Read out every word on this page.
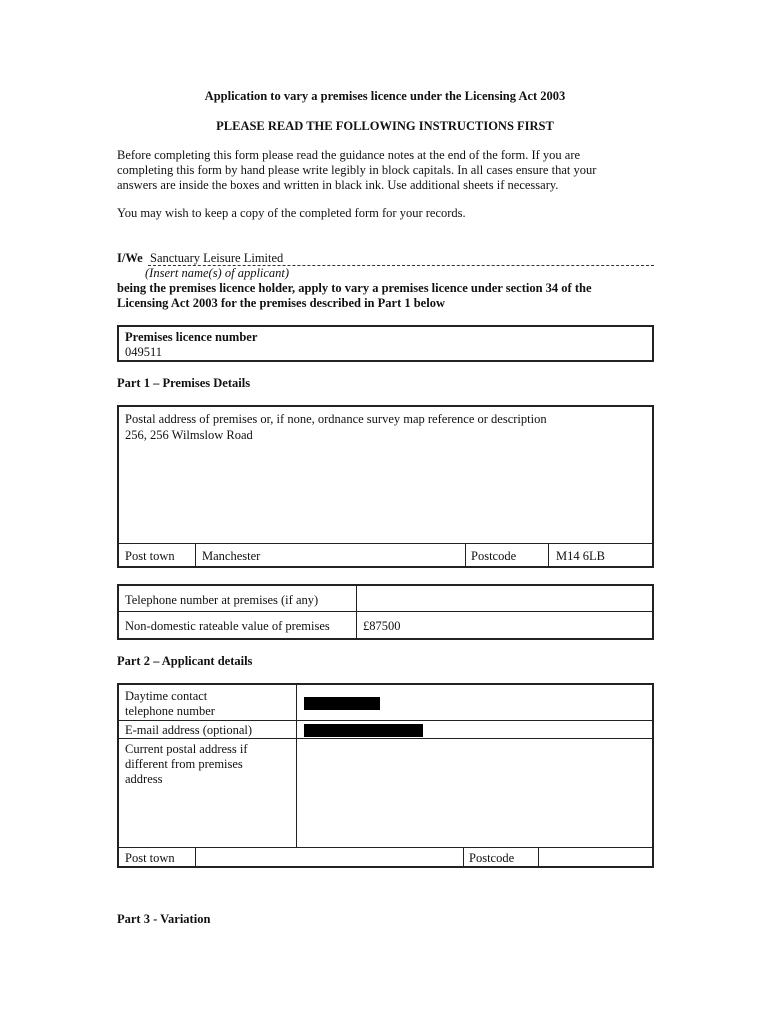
Application to vary a premises licence under the Licensing Act 2003

PLEASE READ THE FOLLOWING INSTRUCTIONS FIRST

Before completing this form please read the guidance notes at the end of the form. If you are

completing this form by hand please write legibly in block capitals. In all cases ensure that your

answers are inside the boxes and written in black ink. Use additional sheets if necessary.

You may wish to keep a copy of the completed form for your records.

I/We Sanctuary Leisure Limited

(Insert name(s) of applicant)

being the premises licence holder, apply to vary a premises licence under section 34 of the

Licensing Act 2003 for the premises described in Part 1 below

Premises licence number

049511

Part 1 – Premises Details

Postal address of premises or, if none, ordnance survey map reference or description

256, 256 Wilmslow Road

Post town Manchester	Postcode	M14 6LB

Telephone number at premises (if any)

Non-domestic rateable value of premises	£87500

Part 2 – Applicant details

Daytime contact

telephone number

E-mail address (optional)

Current postal address if

different from premises

address

Post town	Postcode

Part 3 - Variation
